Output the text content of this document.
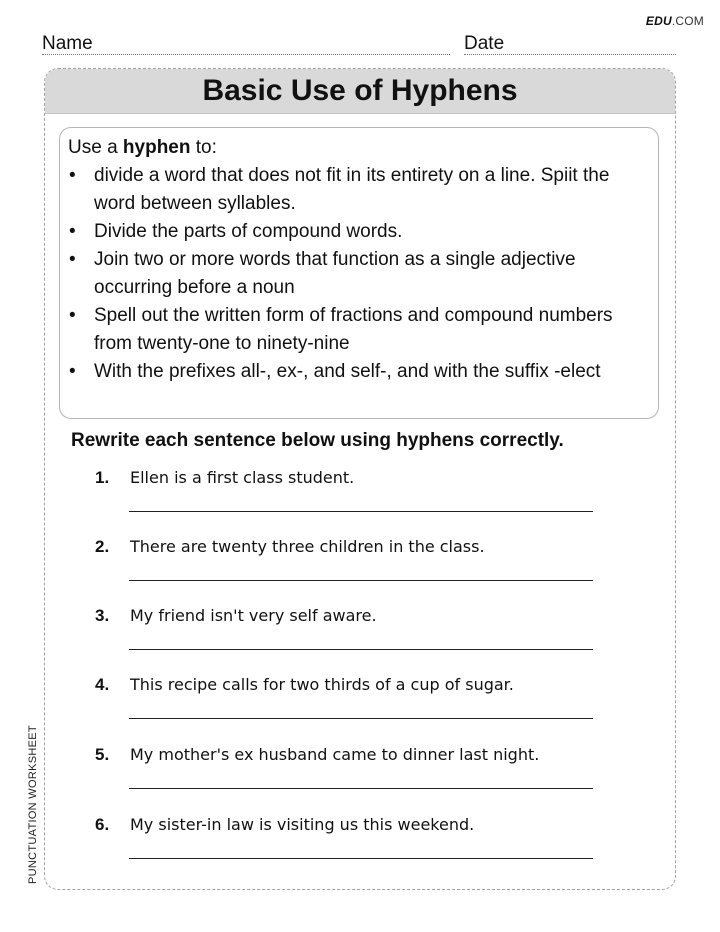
EDU.COM
Name	Date
Basic Use of Hyphens

Use a hyphen to:

• divide a word that does not fit in its entirety on a line. Spiit the word between syllables.
• Divide the parts of compound words.
• Join two or more words that function as a single adjective occurring before a noun
• Spell out the written form of fractions and compound numbers from twenty-one to ninety-nine
• With the prefixes all-, ex-, and self-, and with the suffix -elect
Rewrite each sentence below using hyphens correctly.
1.	Ellen is a first class student.
2.	There are twenty three children in the class.
3.	My friend isn't very self aware.
4.	This recipe calls for two thirds of a cup of sugar.
5.	My mother's ex husband came to dinner last night.
6.	My sister-in law is visiting us this weekend.
PUNCTUATION WORKSHEET
